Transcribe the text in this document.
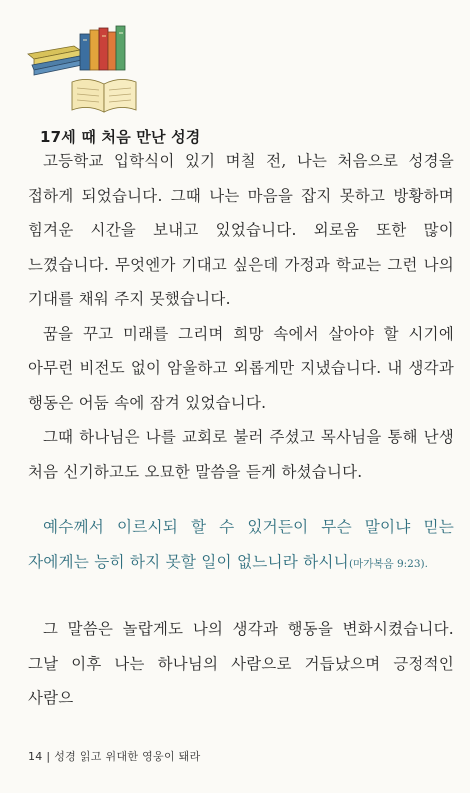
17세 때 처음 만난 성경

고등학교 입학식이 있기 며칠 전, 나는 처음으로 성경을 접하게 되었습니다. 그때 나는 마음을 잡지 못하고 방황하며 힘겨운 시간을 보내고 있었습니다. 외로움 또한 많이 느꼈습니다. 무엇엔가 기대고 싶은데 가정과 학교는 그런 나의 기대를 채워 주지 못했습니다.

꿈을 꾸고 미래를 그리며 희망 속에서 살아야 할 시기에 아무런 비전도 없이 암울하고 외롭게만 지냈습니다. 내 생각과 행동은 어둠 속에 잠겨 있었습니다.

그때 하나님은 나를 교회로 불러 주셨고 목사님을 통해 난생 처음 신기하고도 오묘한 말씀을 듣게 하셨습니다.

예수께서 이르시되 할 수 있거든이 무슨 말이냐 믿는 자에게는 능히 하지 못할 일이 없느니라 하시니(마가복음 9:23).

그 말씀은 놀랍게도 나의 생각과 행동을 변화시켰습니다. 그날 이후 나는 하나님의 사람으로 거듭났으며 긍정적인 사람으

14 | 성경 읽고 위대한 영웅이 돼라
